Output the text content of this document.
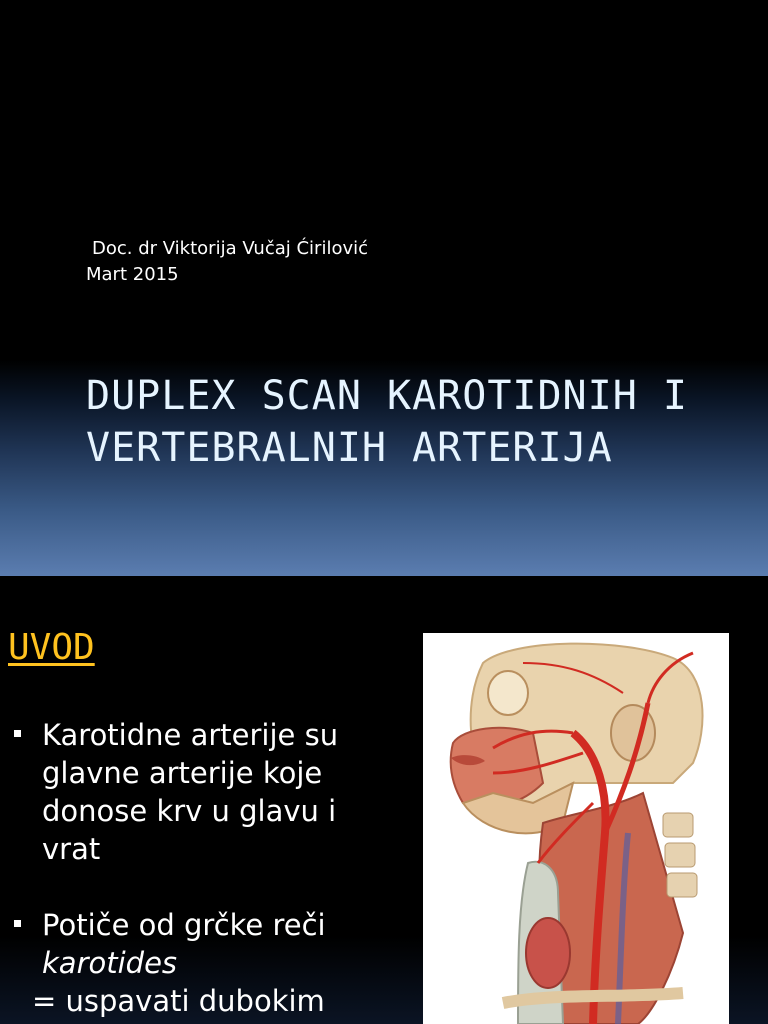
Doc. dr Viktorija Vučaj Ćirilović
Mart 2015
DUPLEX SCAN KAROTIDNIH I
VERTEBRALNIH ARTERIJA
UVOD
Karotidne arterije su glavne arterije koje donose krv u glavu i vrat
Potiče od grčke reči
karotides
= uspavati dubokim
